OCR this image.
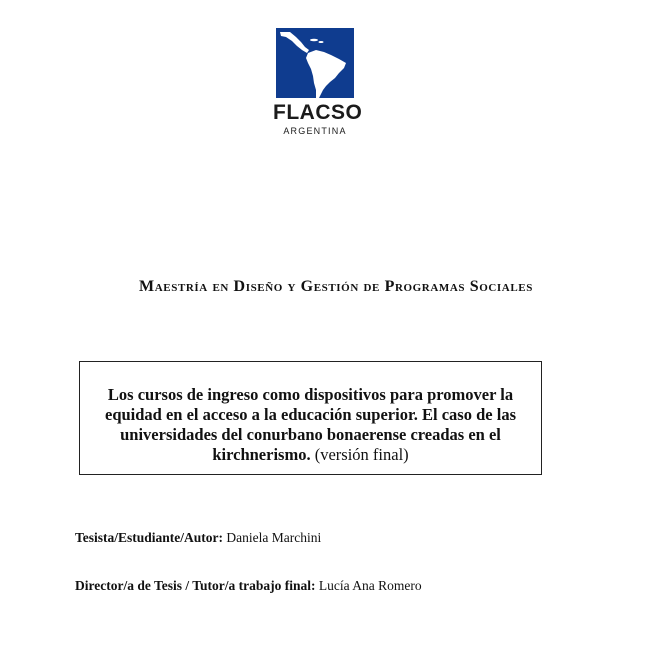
FLACSO
ARGENTINA
Maestría en Diseño y Gestión de Programas Sociales
Los cursos de ingreso como dispositivos para promover la equidad en el acceso a la educación superior. El caso de las universidades del conurbano bonaerense creadas en el kirchnerismo. (versión final)
Tesista/Estudiante/Autor: Daniela Marchini
Director/a de Tesis / Tutor/a trabajo final: Lucía Ana Romero
